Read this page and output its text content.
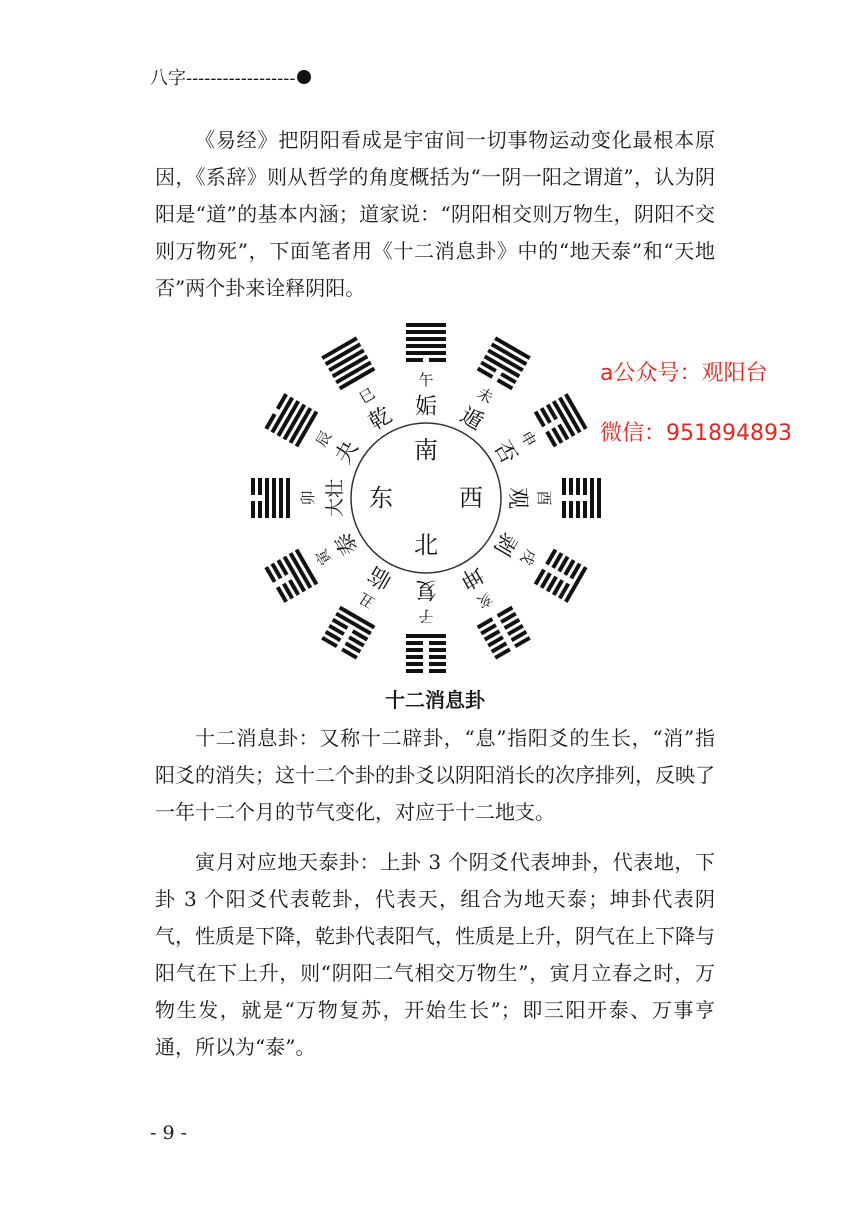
八字------------------
《易经》把阴阳看成是宇宙间一切事物运动变化最根本原因，《系辞》则从哲学的角度概括为“一阴一阳之谓道”，认为阴阳是“道”的基本内涵；道家说：“阴阳相交则万物生，阴阳不交则万物死”，下面笔者用《十二消息卦》中的“地天泰”和“天地否”两个卦来诠释阴阳。
a公众号：观阳台
微信：951894893
南
东	西
北
午
姤 未
遁
申
否
酉
观
戌
剥
亥
坤
子
复
丑
临
寅
泰
卯 大壮
辰
夬
巳
乾
十二消息卦
十二消息卦：又称十二辟卦，“息”指阳爻的生长，“消”指阳爻的消失；这十二个卦的卦爻以阴阳消长的次序排列，反映了一年十二个月的节气变化，对应于十二地支。
寅月对应地天泰卦：上卦 3 个阴爻代表坤卦，代表地，下卦 3 个阳爻代表乾卦，代表天，组合为地天泰；坤卦代表阴气，性质是下降，乾卦代表阳气，性质是上升，阴气在上下降与阳气在下上升，则“阴阳二气相交万物生”，寅月立春之时，万物生发，就是“万物复苏，开始生长”；即三阳开泰、万事亨通，所以为“泰”。
- 9 -
